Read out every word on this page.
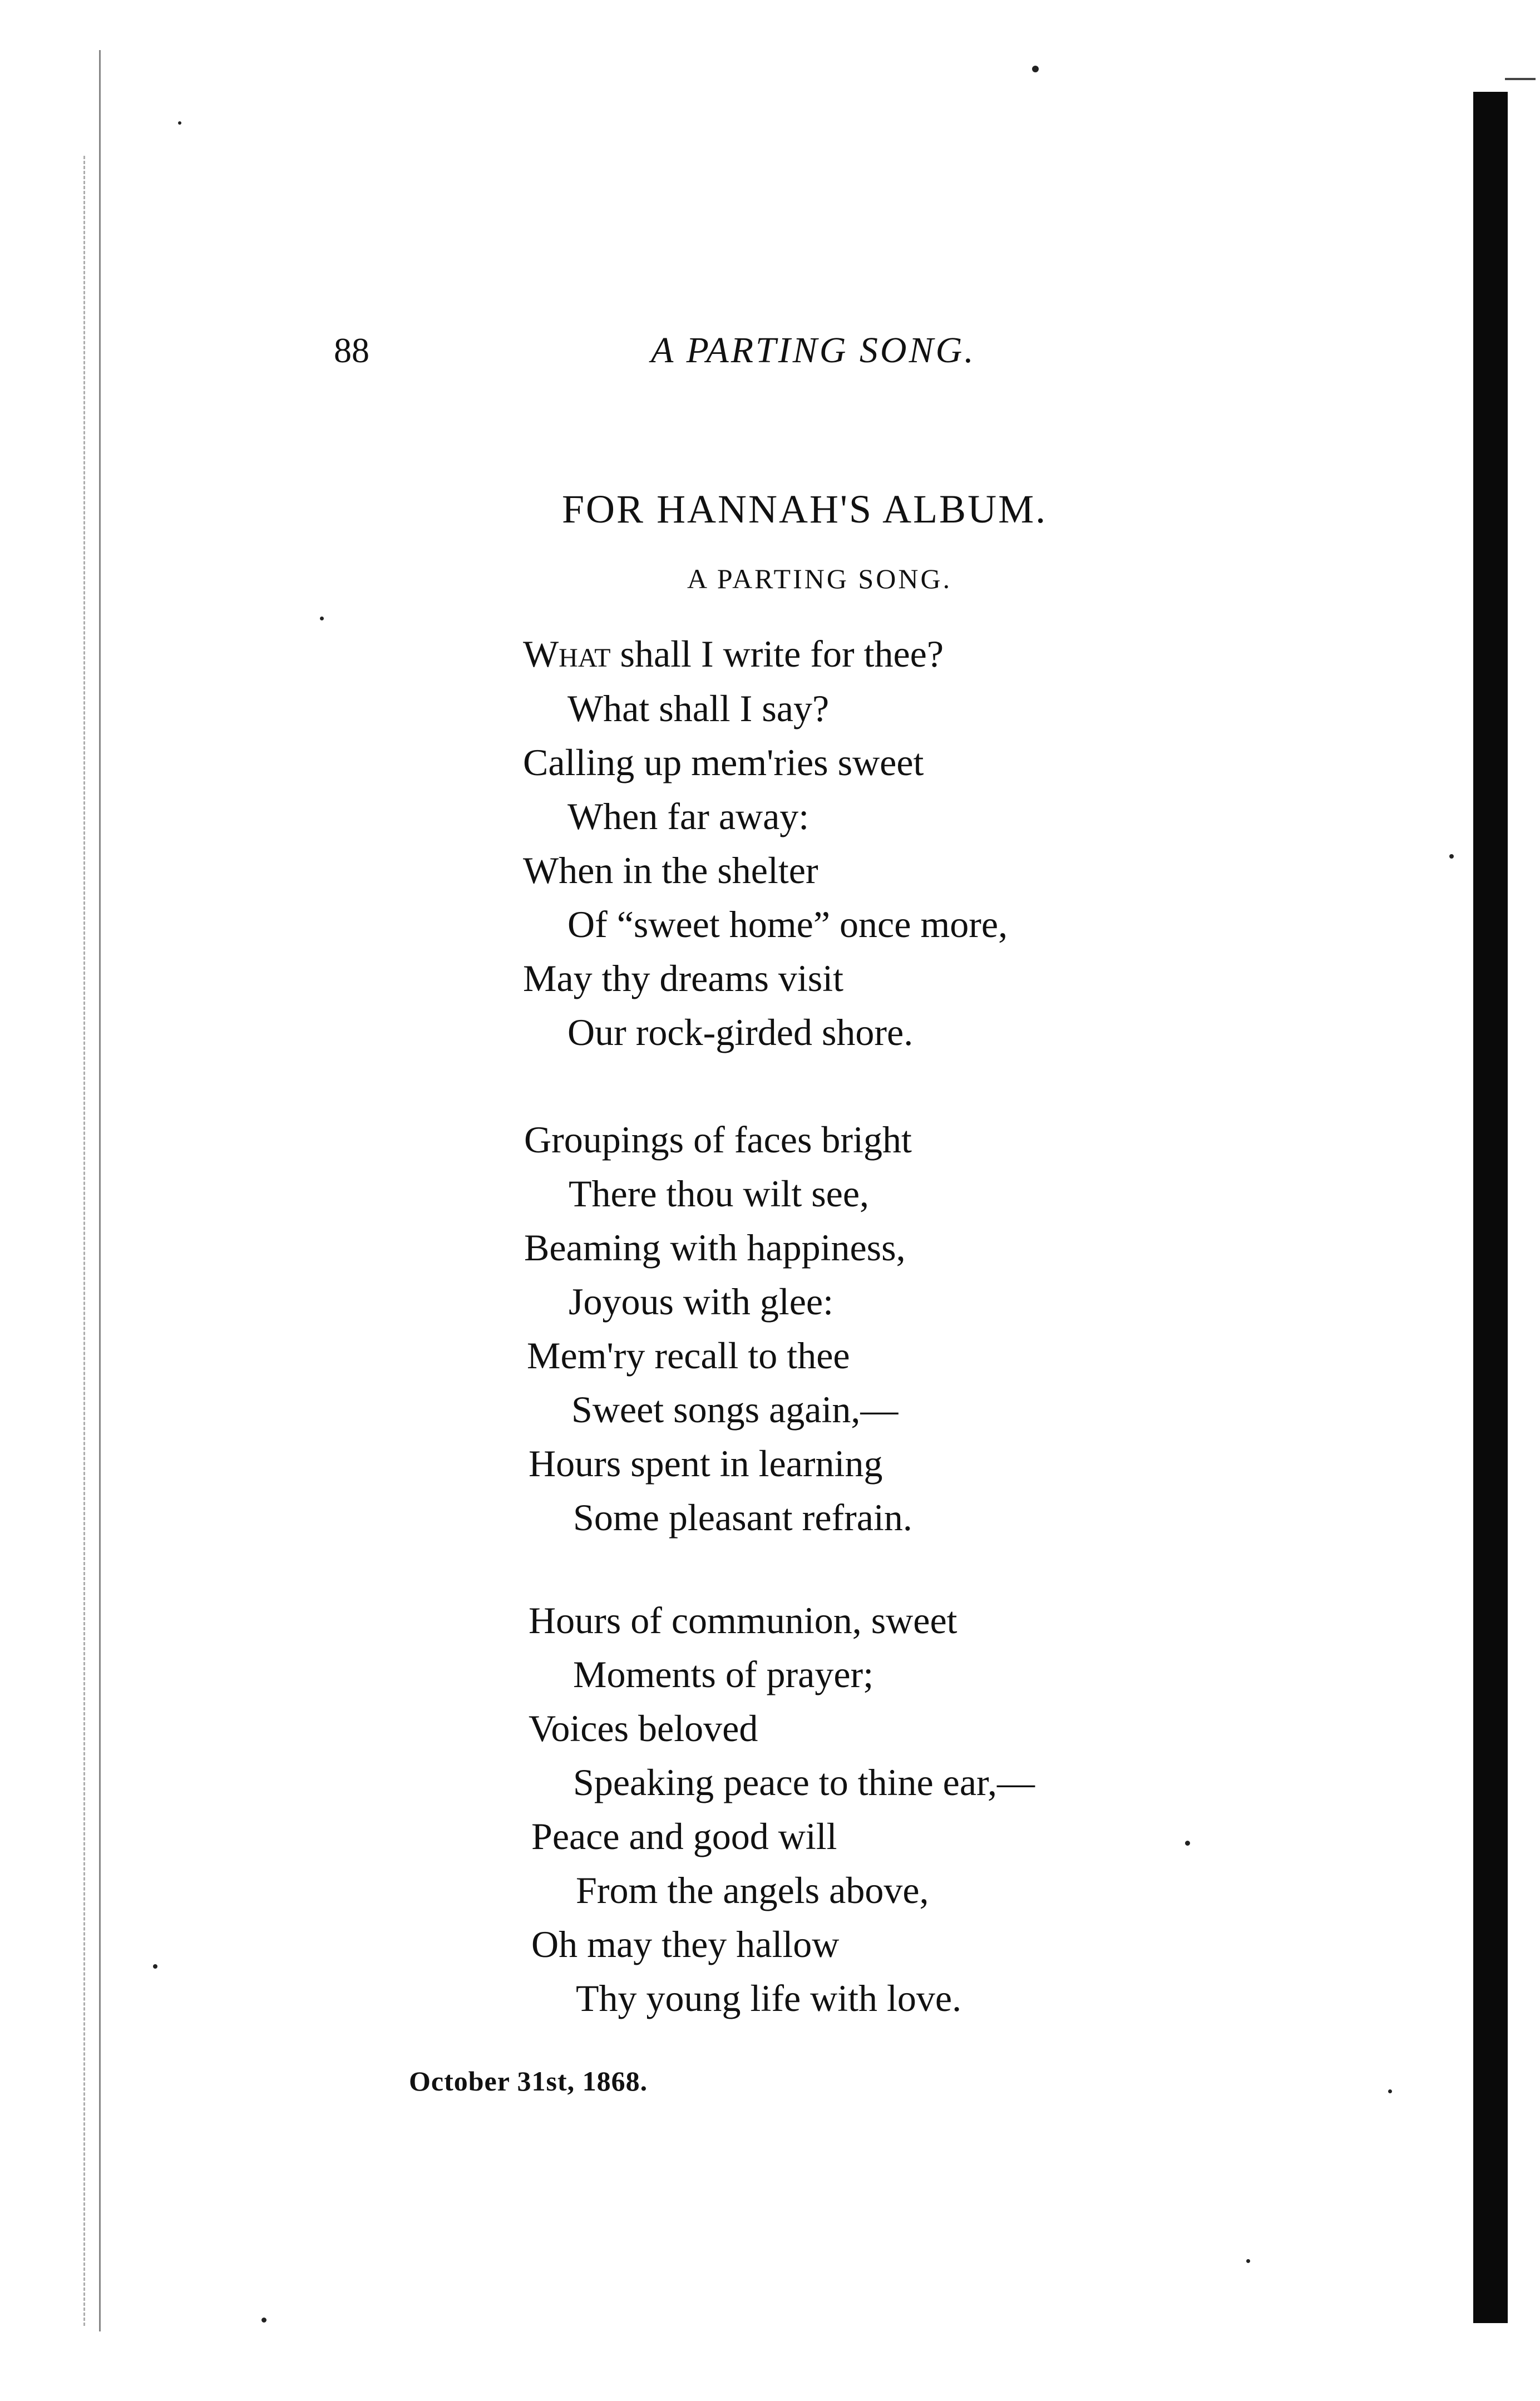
88	A PARTING SONG.
FOR HANNAH'S ALBUM.
A PARTING SONG.
What shall I write for thee?
What shall I say?
Calling up mem'ries sweet
When far away:
When in the shelter
Of “sweet home” once more,
May thy dreams visit
Our rock-girded shore.
Groupings of faces bright
There thou wilt see,
Beaming with happiness,
Joyous with glee:
Mem'ry recall to thee
Sweet songs again,—
Hours spent in learning
Some pleasant refrain.
Hours of communion, sweet
Moments of prayer;
Voices beloved
Speaking peace to thine ear,—
Peace and good will
From the angels above,
Oh may they hallow
Thy young life with love.
October 31st, 1868.
